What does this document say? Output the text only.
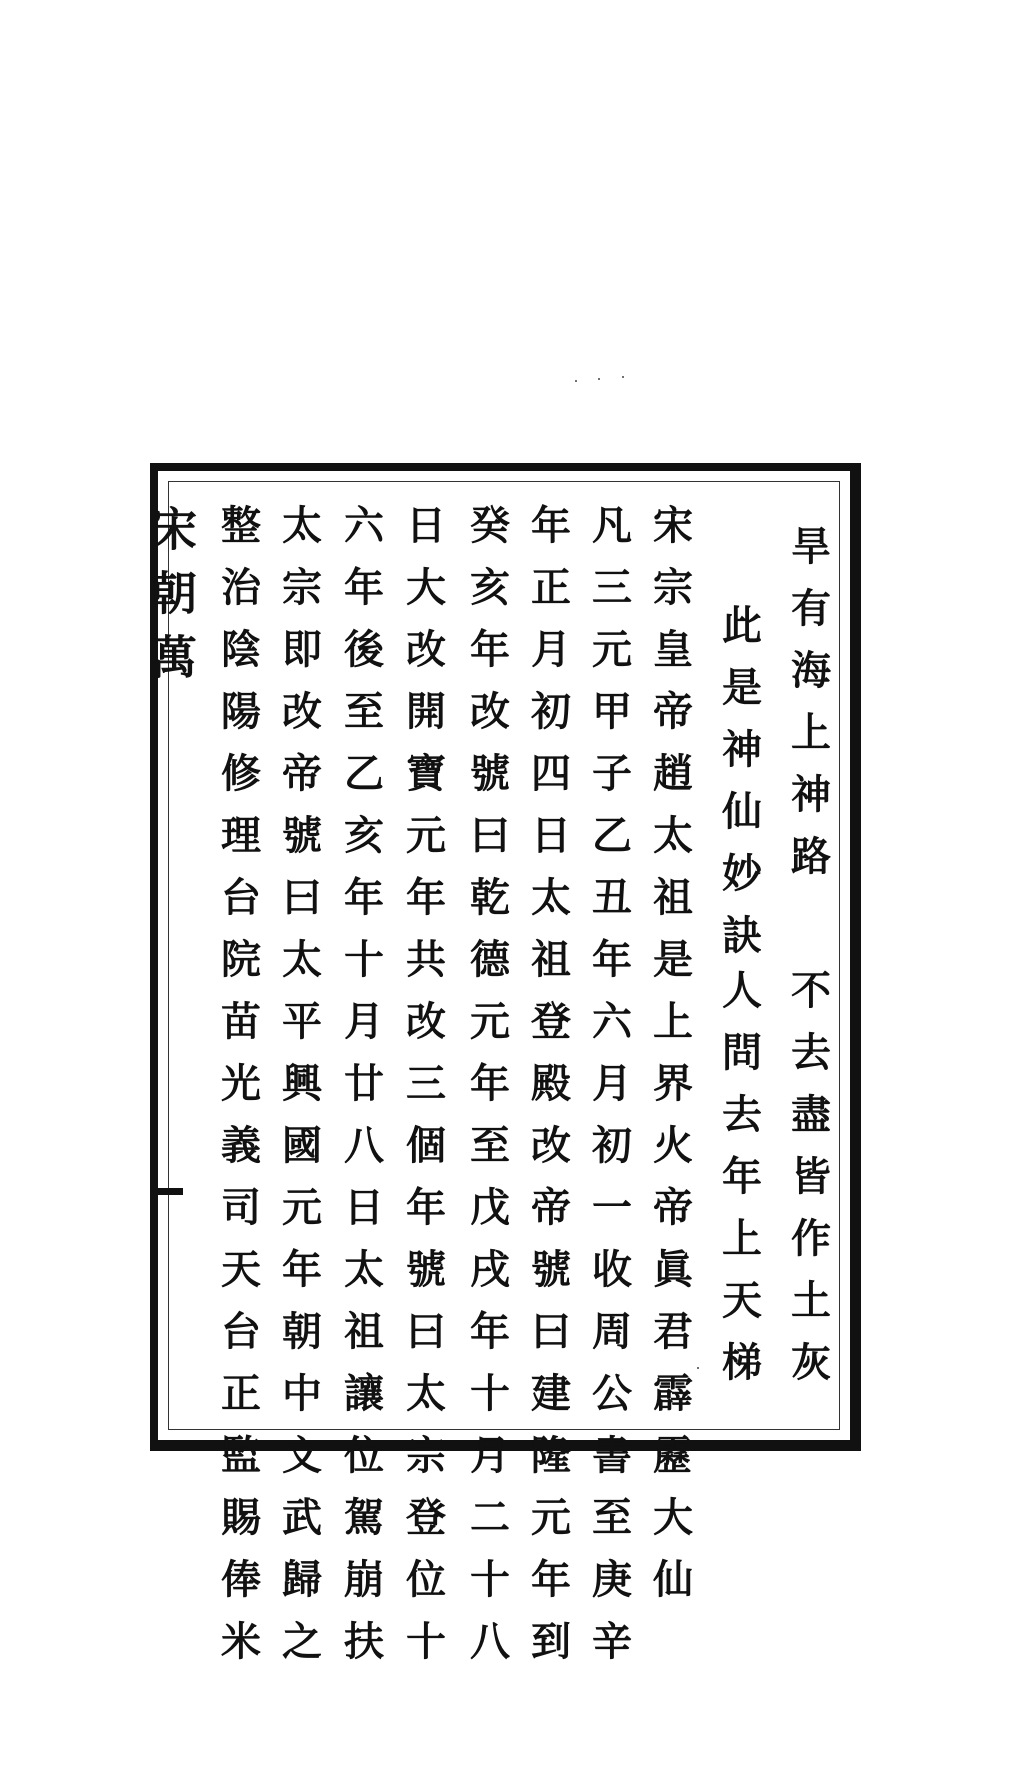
宋朝萬	旱
有
海
上
神
路
此
是
神
仙
妙
訣
不
去
盡
皆
作
土
灰
人
問
去
年
上
天
梯
宋
宗
皇
帝
趙
太
祖
是
上
界
火
帝
眞
君
霹
靂
大
仙
凡
三
元
甲
子
乙
丑
年
六
月
初
一
收
周
公
書
至
庚
辛
年
正
月
初
四
日
太
祖
登
殿
改
帝
號
曰
建
隆
元
年
到
癸
亥
年
改
號
曰
乾
德
元
年
至
戊
戌
年
十
月
二
十
八
日
大
改
開
寶
元
年
共
改
三
個
年
號
曰
太
宗
登
位
十
六
年
後
至
乙
亥
年
十
月
廿
八
日
太
祖
讓
位
駕
崩
扶
太
宗
即
改
帝
號
曰
太
平
興
國
元
年
朝
中
文
武
歸
之
整
治
陰
陽
修
理
台
院
苗
光
義
司
天
台
正
監
賜
俸
米
